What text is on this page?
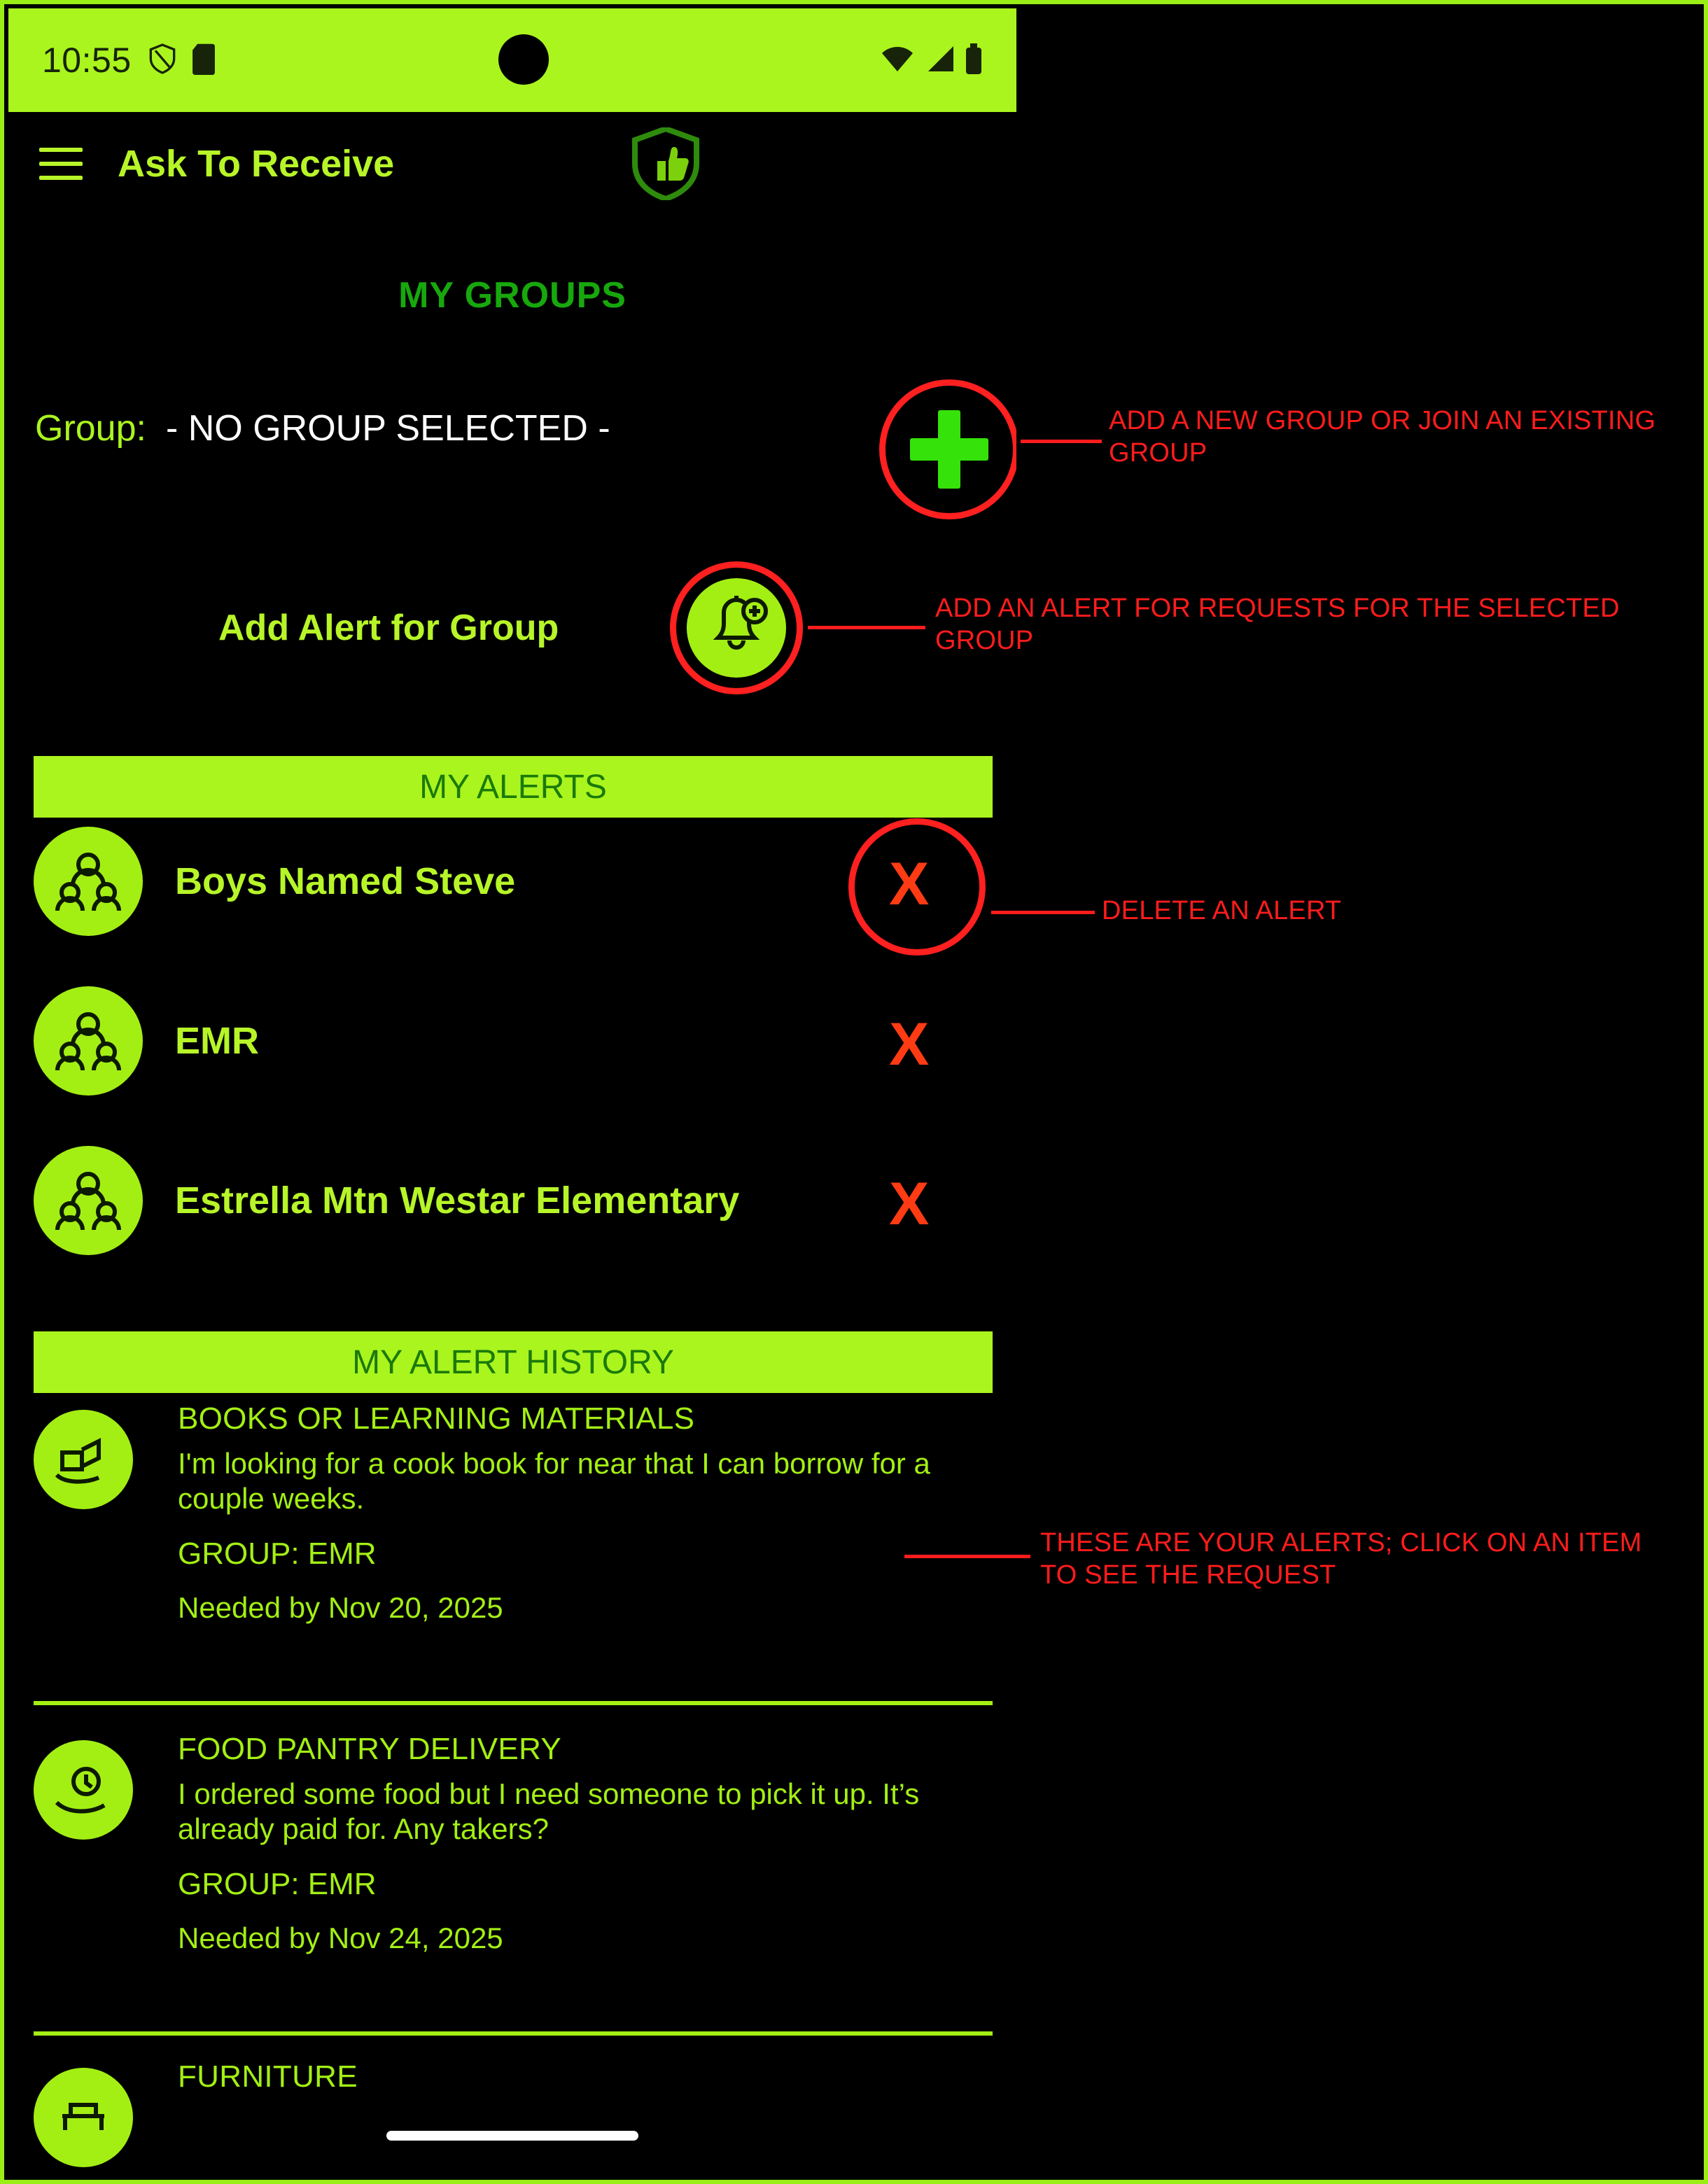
10:55
Ask To Receive
MY GROUPS
Group: - NO GROUP SELECTED -
Add Alert for Group
MY ALERTS
Boys Named Steve	X
EMR	X
Estrella Mtn Westar Elementary X
MY ALERT HISTORY
BOOKS OR LEARNING MATERIALS
I'm looking for a cook book for near that I can borrow for a couple weeks.
GROUP: EMR
Needed by Nov 20, 2025
FOOD PANTRY DELIVERY
I ordered some food but I need someone to pick it up. It’s already paid for. Any takers?
GROUP: EMR
Needed by Nov 24, 2025
FURNITURE
ADD A NEW GROUP OR JOIN AN EXISTING GROUP
ADD AN ALERT FOR REQUESTS FOR THE SELECTED GROUP
DELETE AN ALERT
THESE ARE YOUR ALERTS; CLICK ON AN ITEM TO SEE THE REQUEST
